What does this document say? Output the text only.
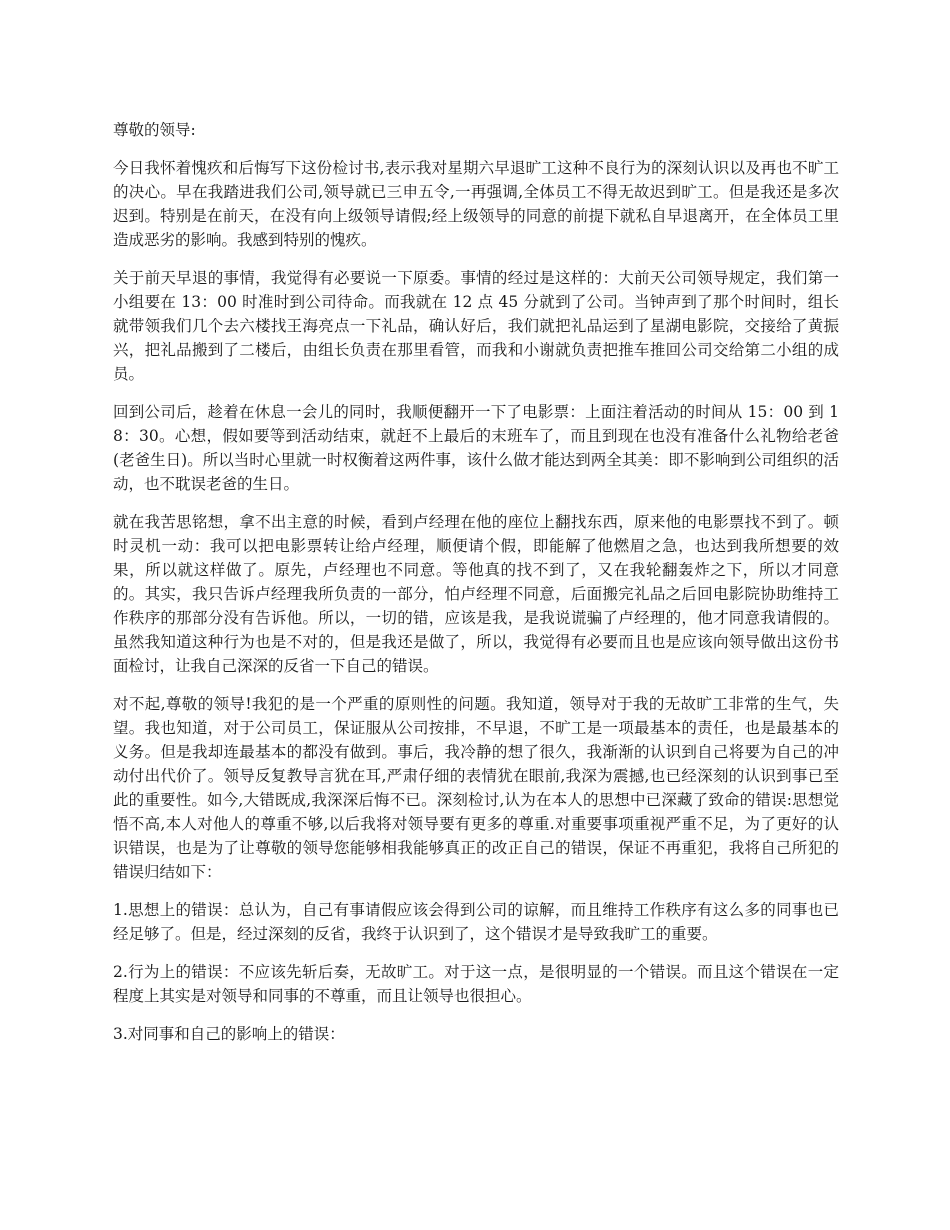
尊敬的领导:

今日我怀着愧疚和后悔写下这份检讨书,表示我对星期六早退旷工这种不良行为的深刻认识以及再也不旷工的决心。早在我踏进我们公司,领导就已三申五令,一再强调,全体员工不得无故迟到旷工。但是我还是多次迟到。特别是在前天，在没有向上级领导请假;经上级领导的同意的前提下就私自早退离开，在全体员工里造成恶劣的影响。我感到特别的愧疚。

关于前天早退的事情，我觉得有必要说一下原委。事情的经过是这样的：大前天公司领导规定，我们第一小组要在 13：00 时准时到公司待命。而我就在 12 点 45 分就到了公司。当钟声到了那个时间时，组长就带领我们几个去六楼找王海亮点一下礼品，确认好后，我们就把礼品运到了星湖电影院，交接给了黄振兴，把礼品搬到了二楼后，由组长负责在那里看管，而我和小谢就负责把推车推回公司交给第二小组的成员。

回到公司后，趁着在休息一会儿的同时，我顺便翻开一下了电影票：上面注着活动的时间从 15：00 到 18：30。心想，假如要等到活动结束，就赶不上最后的末班车了，而且到现在也没有准备什么礼物给老爸(老爸生日)。所以当时心里就一时权衡着这两件事，该什么做才能达到两全其美：即不影响到公司组织的活动，也不耽误老爸的生日。

就在我苦思铭想，拿不出主意的时候，看到卢经理在他的座位上翻找东西，原来他的电影票找不到了。顿时灵机一动：我可以把电影票转让给卢经理，顺便请个假，即能解了他燃眉之急，也达到我所想要的效果，所以就这样做了。原先，卢经理也不同意。等他真的找不到了，又在我轮翻轰炸之下，所以才同意的。其实，我只告诉卢经理我所负责的一部分，怕卢经理不同意，后面搬完礼品之后回电影院协助维持工作秩序的那部分没有告诉他。所以，一切的错，应该是我，是我说谎骗了卢经理的，他才同意我请假的。虽然我知道这种行为也是不对的，但是我还是做了，所以，我觉得有必要而且也是应该向领导做出这份书面检讨，让我自己深深的反省一下自己的错误。

对不起,尊敬的领导!我犯的是一个严重的原则性的问题。我知道，领导对于我的无故旷工非常的生气，失望。我也知道，对于公司员工，保证服从公司按排，不早退，不旷工是一项最基本的责任，也是最基本的义务。但是我却连最基本的都没有做到。事后，我冷静的想了很久，我渐渐的认识到自己将要为自己的冲动付出代价了。领导反复教导言犹在耳,严肃仔细的表情犹在眼前,我深为震撼,也已经深刻的认识到事已至此的重要性。如今,大错既成,我深深后悔不已。深刻检讨,认为在本人的思想中已深藏了致命的错误:思想觉悟不高,本人对他人的尊重不够,以后我将对领导要有更多的尊重.对重要事项重视严重不足，为了更好的认识错误，也是为了让尊敬的领导您能够相我能够真正的改正自己的错误，保证不再重犯，我将自己所犯的错误归结如下：

1.思想上的错误：总认为，自己有事请假应该会得到公司的谅解，而且维持工作秩序有这么多的同事也已经足够了。但是，经过深刻的反省，我终于认识到了，这个错误才是导致我旷工的重要。

2.行为上的错误：不应该先斩后奏，无故旷工。对于这一点，是很明显的一个错误。而且这个错误在一定程度上其实是对领导和同事的不尊重，而且让领导也很担心。

3.对同事和自己的影响上的错误：
